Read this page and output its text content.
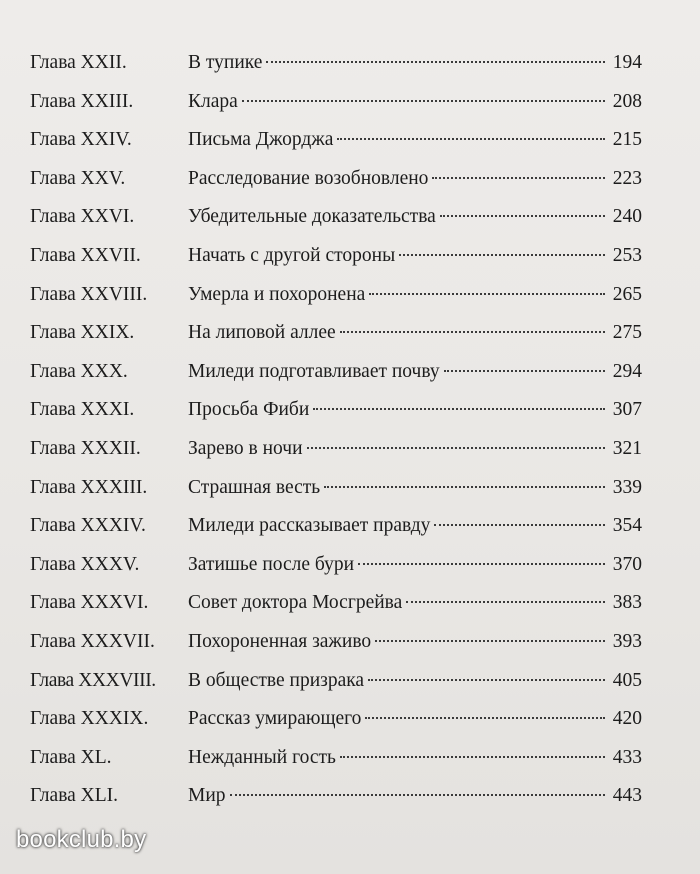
Глава XXII.	В тупике	194
Глава XXIII.	Клара	208
Глава XXIV.	Письма Джорджа	215
Глава XXV.	Расследование возобновлено	223
Глава XXVI.	Убедительные доказательства	240
Глава XXVII.	Начать с другой стороны	253
Глава XXVIII.	Умерла и похоронена	265
Глава XXIX.	На липовой аллее	275
Глава XXX.	Миледи подготавливает почву	294
Глава XXXI.	Просьба Фиби	307
Глава XXXII.	Зарево в ночи	321
Глава XXXIII.	Страшная весть	339
Глава XXXIV.	Миледи рассказывает правду	354
Глава XXXV.	Затишье после бури	370
Глава XXXVI.	Совет доктора Мосгрейва	383
Глава XXXVII.	Похороненная заживо	393
Глава XXXVIII.	В обществе призрака	405
Глава XXXIX.	Рассказ умирающего	420
Глава XL.	Нежданный гость	433
Глава XLI.	Мир	443
bookclub.by
